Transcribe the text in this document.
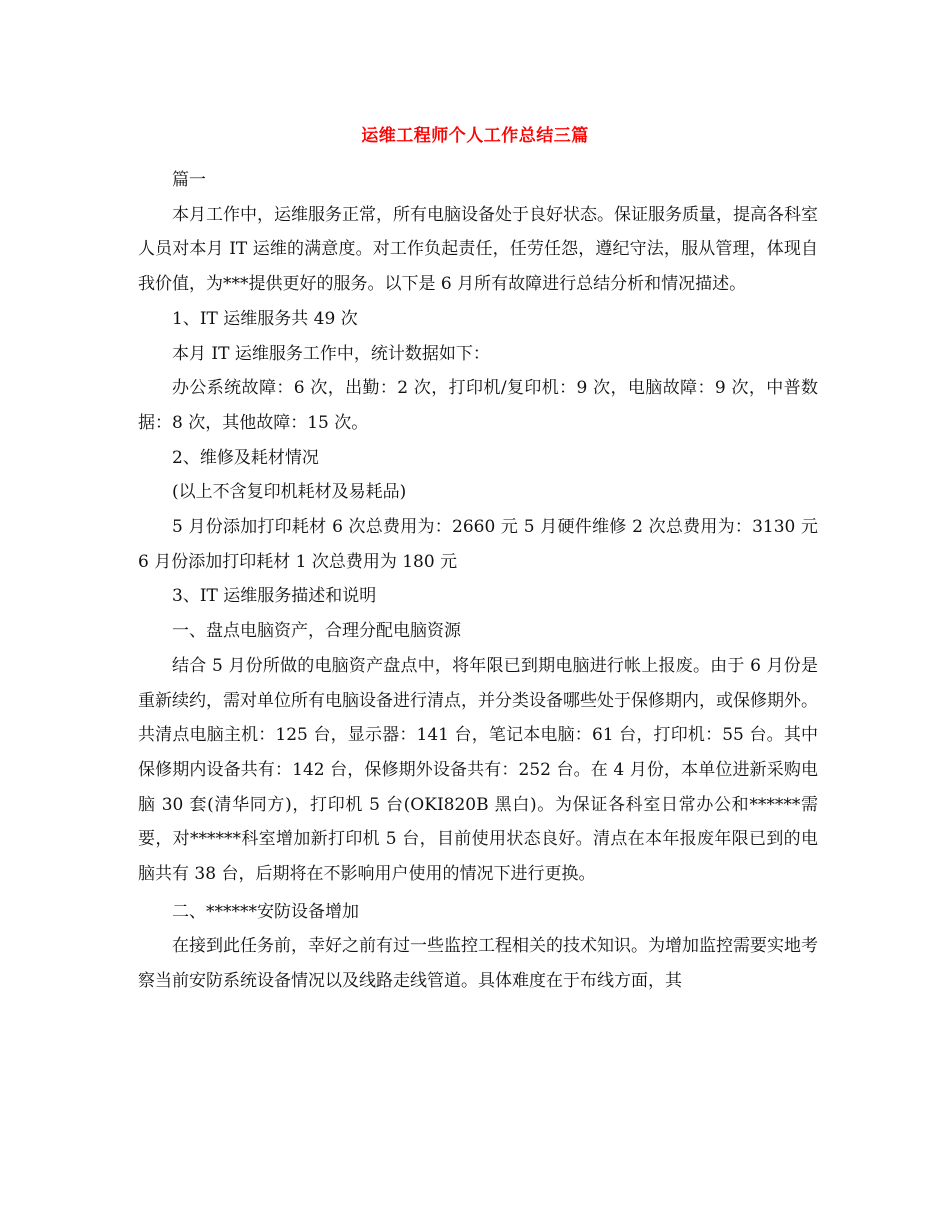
运维工程师个人工作总结三篇

篇一

本月工作中，运维服务正常，所有电脑设备处于良好状态。保证服务质量，提高各科室人员对本月 IT 运维的满意度。对工作负起责任，任劳任怨，遵纪守法，服从管理，体现自我价值，为***提供更好的服务。以下是 6 月所有故障进行总结分析和情况描述。

1、IT 运维服务共 49 次

本月 IT 运维服务工作中，统计数据如下：

办公系统故障：6 次，出勤：2 次，打印机/复印机：9 次，电脑故障：9 次，中普数据：8 次，其他故障：15 次。

2、维修及耗材情况

(以上不含复印机耗材及易耗品)

5 月份添加打印耗材 6 次总费用为：2660 元 5 月硬件维修 2 次总费用为：3130 元 6 月份添加打印耗材 1 次总费用为 180 元

3、IT 运维服务描述和说明

一、盘点电脑资产，合理分配电脑资源

结合 5 月份所做的电脑资产盘点中，将年限已到期电脑进行帐上报废。由于 6 月份是重新续约，需对单位所有电脑设备进行清点，并分类设备哪些处于保修期内，或保修期外。共清点电脑主机：125 台，显示器：141 台，笔记本电脑：61 台，打印机：55 台。其中保修期内设备共有：142 台，保修期外设备共有：252 台。在 4 月份，本单位进新采购电脑 30 套(清华同方)，打印机 5 台(OKI820B 黑白)。为保证各科室日常办公和******需要，对******科室增加新打印机 5 台，目前使用状态良好。清点在本年报废年限已到的电脑共有 38 台，后期将在不影响用户使用的情况下进行更换。

二、******安防设备增加

在接到此任务前，幸好之前有过一些监控工程相关的技术知识。为增加监控需要实地考察当前安防系统设备情况以及线路走线管道。具体难度在于布线方面，其
